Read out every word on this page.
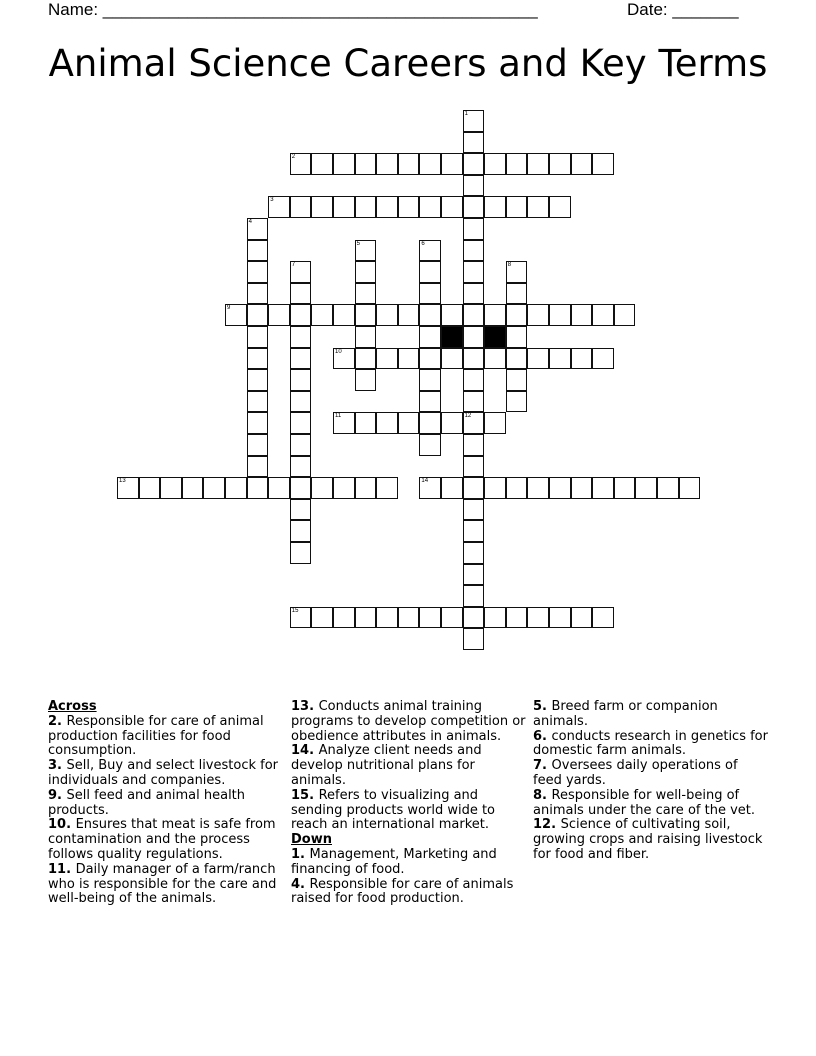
Name: ______________________________________________	Date: _______
Animal Science Careers and Key Terms
2
3
9
10
11	12
13	14
15
1
4
5	6
7	8
Across
2. Responsible for care of animal production facilities for food consumption.
3. Sell, Buy and select livestock for individuals and companies.
9. Sell feed and animal health products.
10. Ensures that meat is safe from contamination and the process follows quality regulations.
11. Daily manager of a farm/ranch who is responsible for the care and well-being of the animals.
13. Conducts animal training programs to develop competition or obedience attributes in animals.
14. Analyze client needs and develop nutritional plans for animals.
15. Refers to visualizing and sending products world wide to reach an international market.
Down
1. Management, Marketing and financing of food.
4. Responsible for care of animals raised for food production.
5. Breed farm or companion animals.
6. conducts research in genetics for domestic farm animals.
7. Oversees daily operations of feed yards.
8. Responsible for well-being of animals under the care of the vet.
12. Science of cultivating soil, growing crops and raising livestock for food and fiber.
